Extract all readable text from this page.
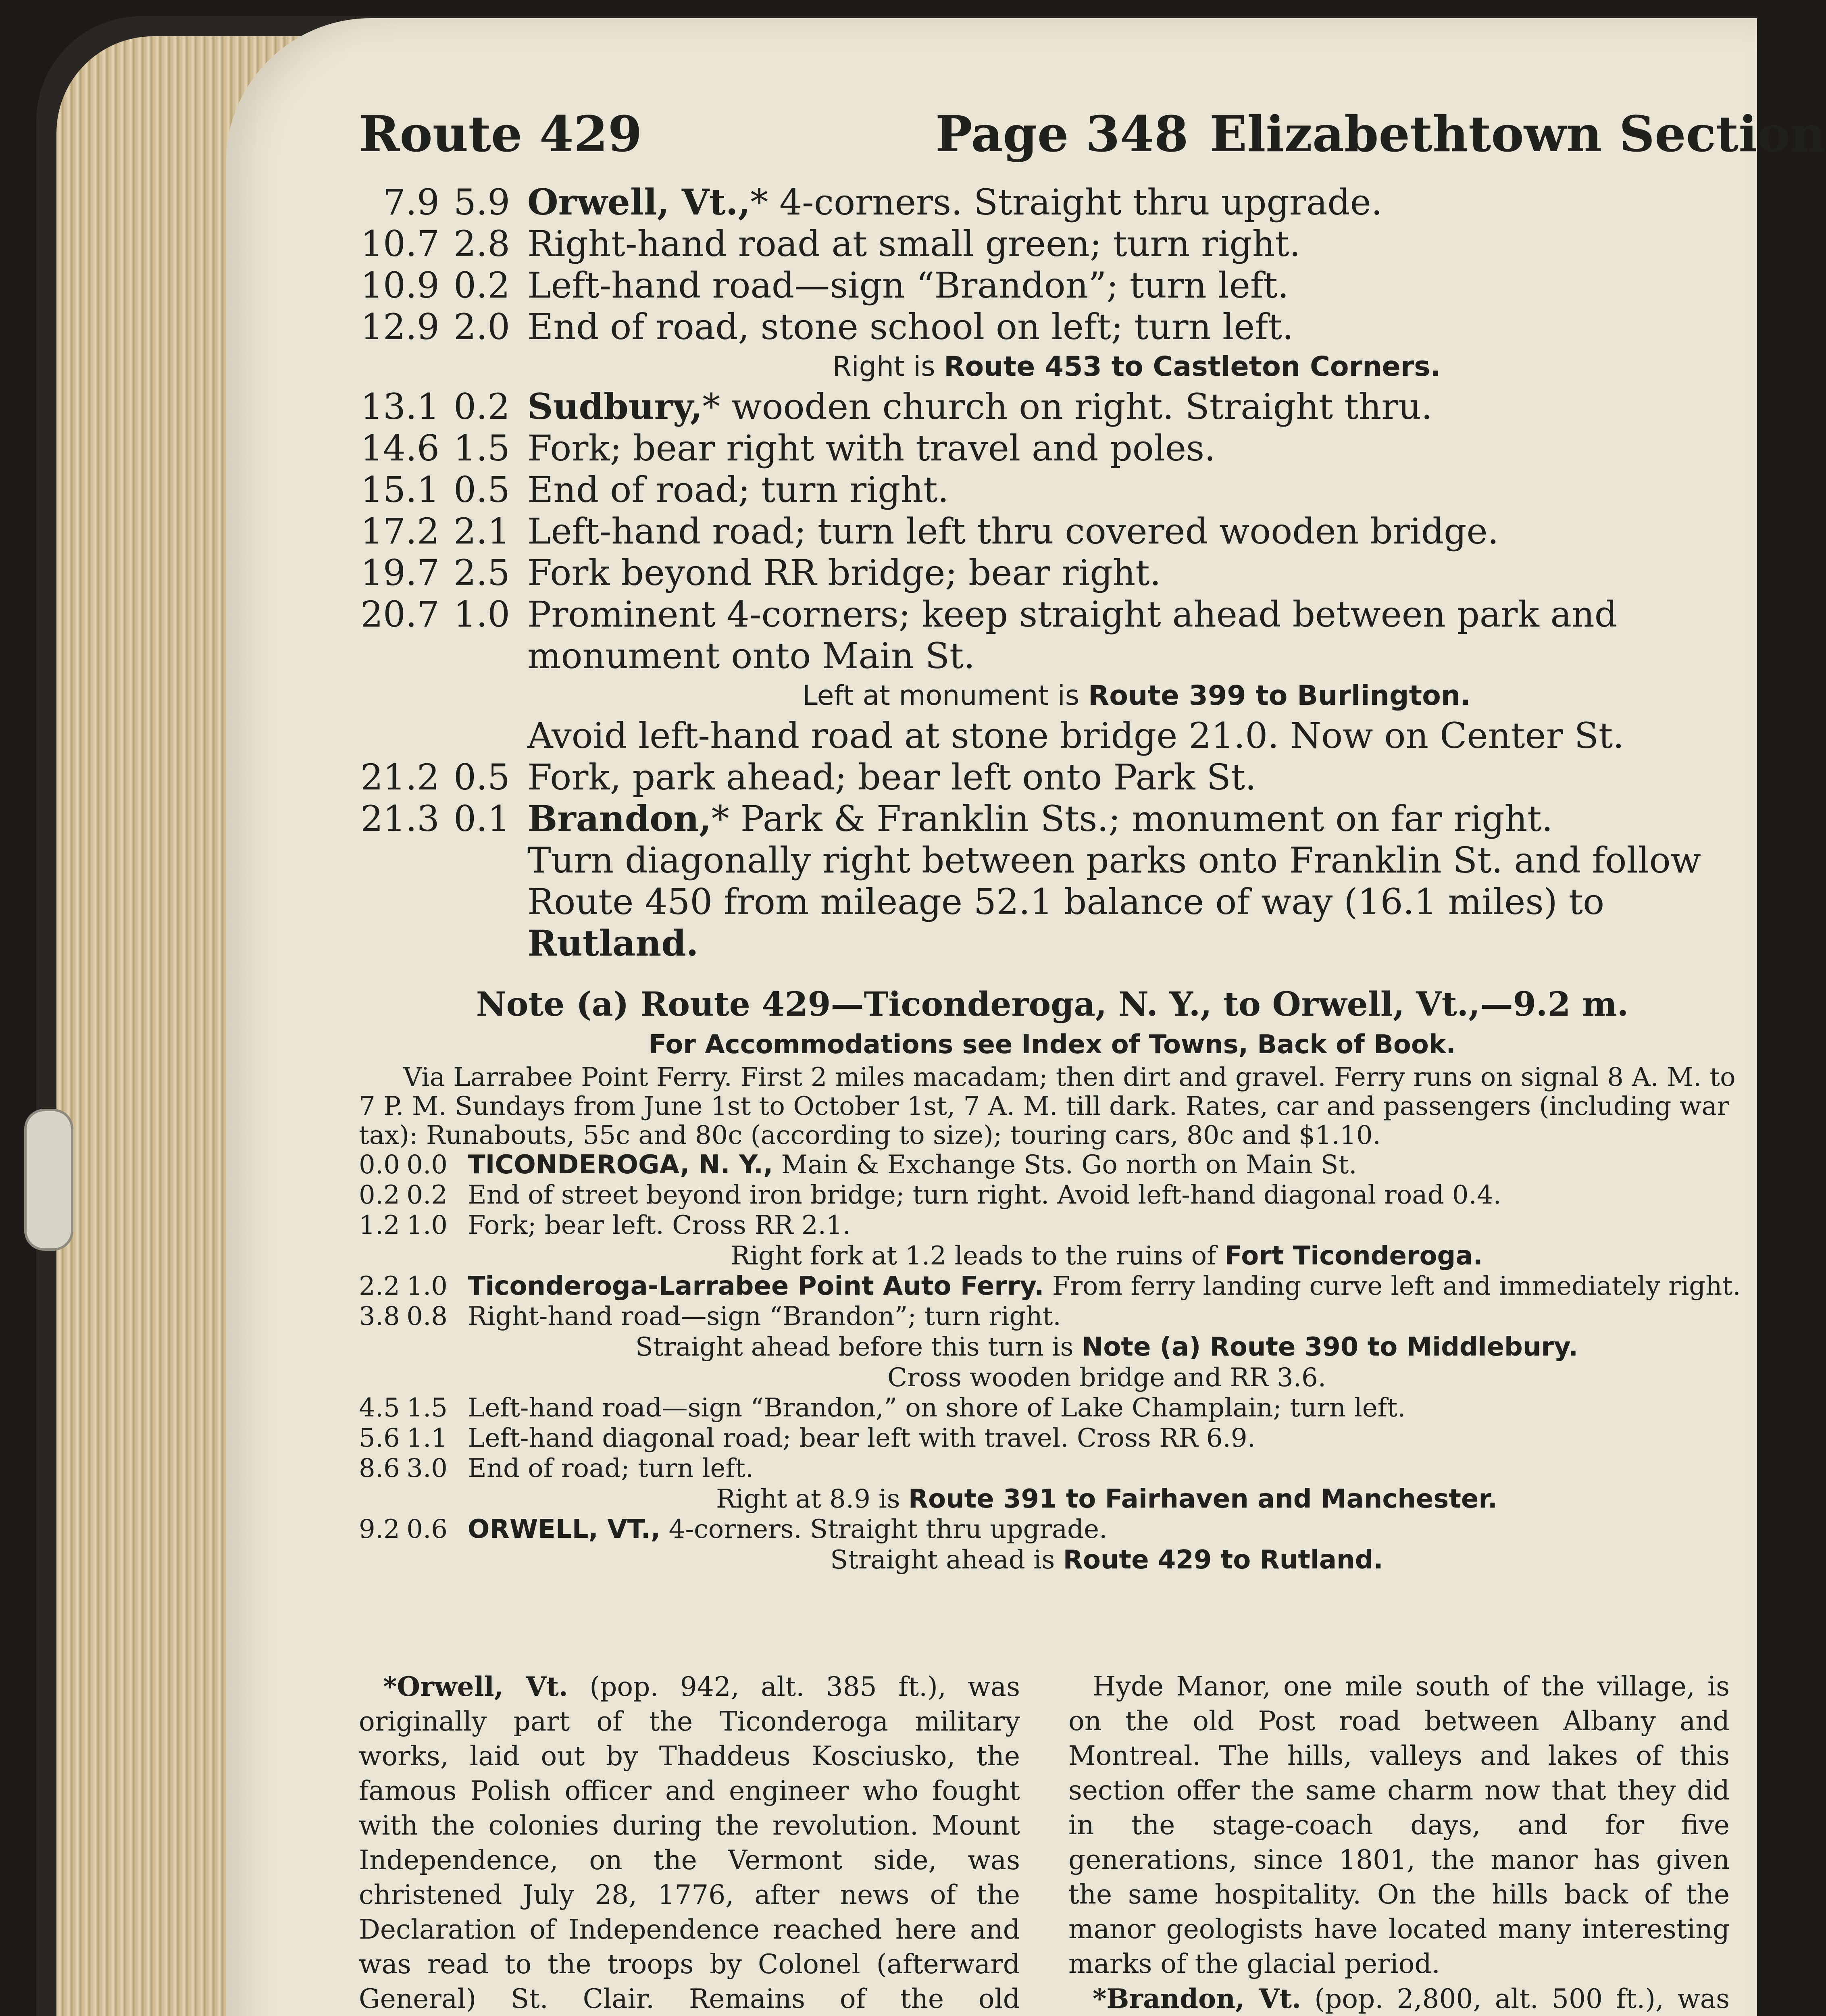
Route 429	Page 348 Elizabethtown Section
7.9 5.9 Orwell, Vt.,* 4-corners. Straight thru upgrade.
10.7 2.8 Right-hand road at small green; turn right.
10.9 0.2 Left-hand road—sign “Brandon”; turn left.
12.9 2.0 End of road, stone school on left; turn left.
Right is Route 453 to Castleton Corners.
13.1 0.2 Sudbury,* wooden church on right. Straight thru.
14.6 1.5 Fork; bear right with travel and poles.
15.1 0.5 End of road; turn right.
17.2 2.1 Left-hand road; turn left thru covered wooden bridge.
19.7 2.5 Fork beyond RR bridge; bear right.
20.7 1.0 Prominent 4-corners; keep straight ahead between park and monument onto Main St.
Left at monument is Route 399 to Burlington.
Avoid left-hand road at stone bridge 21.0. Now on Center St.
21.2 0.5 Fork, park ahead; bear left onto Park St.
21.3 0.1 Brandon,* Park & Franklin Sts.; monument on far right.
Turn diagonally right between parks onto Franklin St. and follow Route 450 from mileage 52.1 balance of way (16.1 miles) to Rutland.
Note (a) Route 429—Ticonderoga, N. Y., to Orwell, Vt.,—9.2 m.
For Accommodations see Index of Towns, Back of Book.
Via Larrabee Point Ferry. First 2 miles macadam; then dirt and gravel. Ferry runs on signal 8 A. M. to 7 P. M. Sundays from June 1st to October 1st, 7 A. M. till dark. Rates, car and passengers (including war tax): Runabouts, 55c and 80c (according to size); touring cars, 80c and $1.10.
0.0 0.0 TICONDEROGA, N. Y., Main & Exchange Sts. Go north on Main St.
0.2 0.2 End of street beyond iron bridge; turn right. Avoid left-hand diagonal road 0.4.
1.2 1.0 Fork; bear left. Cross RR 2.1.
Right fork at 1.2 leads to the ruins of Fort Ticonderoga.
2.2 1.0 Ticonderoga-Larrabee Point Auto Ferry. From ferry landing curve left and immediately right.
3.8 0.8 Right-hand road—sign “Brandon”; turn right.
Straight ahead before this turn is Note (a) Route 390 to Middlebury.
Cross wooden bridge and RR 3.6.
4.5 1.5 Left-hand road—sign “Brandon,” on shore of Lake Champlain; turn left.
5.6 1.1 Left-hand diagonal road; bear left with travel. Cross RR 6.9.
8.6 3.0 End of road; turn left.
Right at 8.9 is Route 391 to Fairhaven and Manchester.
9.2 0.6 ORWELL, VT., 4-corners. Straight thru upgrade.
Straight ahead is Route 429 to Rutland.

*Orwell, Vt. (pop. 942, alt. 385 ft.), was originally part of the Ticonderoga military works, laid out by Thaddeus Kosciusko, the famous Polish officer and engineer who fought with the colonies during the revolution. Mount Independence, on the Vermont side, was christened July 28, 1776, after news of the Declaration of Independence reached here and was read to the troops by Colonel (afterward General) St. Clair. Remains of the old

Hyde Manor, one mile south of the village, is on the old Post road between Albany and Montreal. The hills, valleys and lakes of this section offer the same charm now that they did in the stage-coach days, and for five generations, since 1801, the manor has given the same hospitality. On the hills back of the manor geologists have located many interesting marks of the glacial period.

*Brandon, Vt. (pop. 2,800, alt. 500 ft.), was
